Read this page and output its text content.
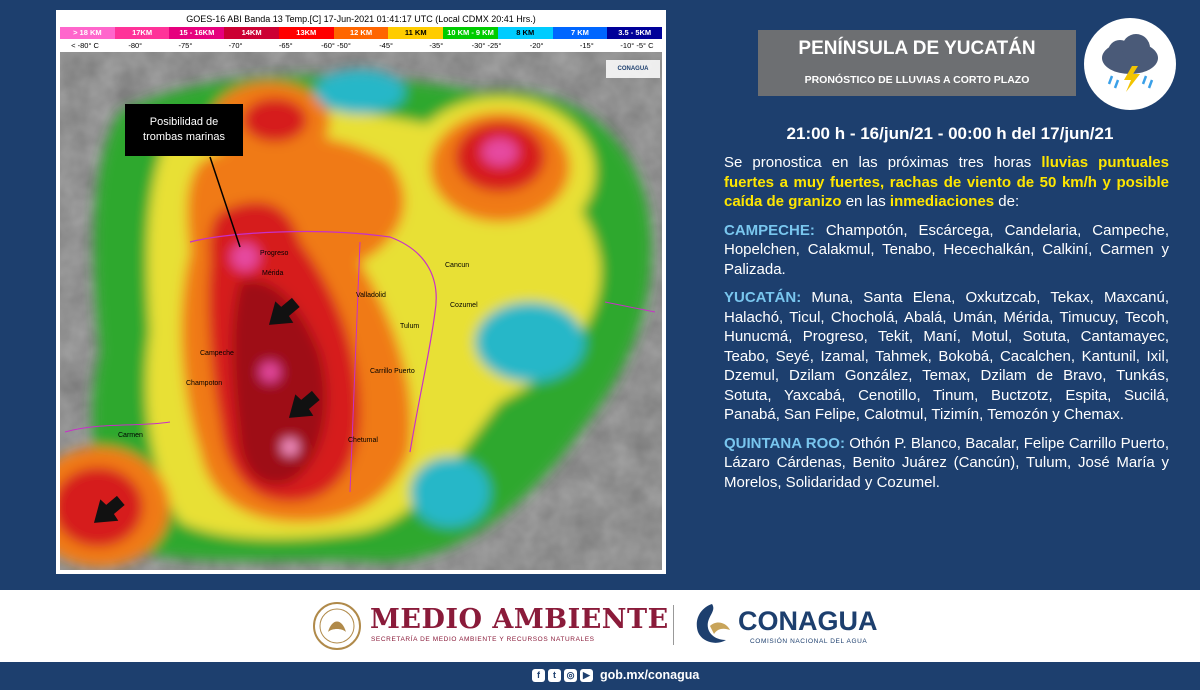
GOES-16 ABI Banda 13 Temp.[C] 17-Jun-2021 01:41:17 UTC (Local CDMX 20:41 Hrs.)
> 18 KM	17KM	15 - 16KM	14KM	13KM	12 KM	11 KM	10 KM - 9 KM	8 KM	7 KM	3.5 - 5KM
< -80° C	-80°	-75°	-70°	-65°	-60° -50°	-45°	-35°	-30° -25°	-20°	-15°	-10° -5° C
CONAGUA
Posibilidad de
trombas marinas
Progreso
Mérida
Valladolid
Cancun
Cozumel
Tulum
Campeche
Champoton
Carrillo Puerto
Carmen
Chetumal
PENÍNSULA DE YUCATÁN
PRONÓSTICO DE LLUVIAS A CORTO PLAZO
21:00 h - 16/jun/21 - 00:00 h del 17/jun/21

Se pronostica en las próximas tres horas lluvias puntuales fuertes a muy fuertes, rachas de viento de 50 km/h y posible caída de granizo en las inmediaciones de:

CAMPECHE: Champotón, Escárcega, Candelaria, Campeche, Hopelchen, Calakmul, Tenabo, Hecechalkán, Calkiní, Carmen y Palizada.

YUCATÁN: Muna, Santa Elena, Oxkutzcab, Tekax, Maxcanú, Halachó, Ticul, Chocholá, Abalá, Umán, Mérida, Timucuy, Tecoh, Hunucmá, Progreso, Tekit, Maní, Motul, Sotuta, Cantamayec, Teabo, Seyé, Izamal, Tahmek, Bokobá, Cacalchen, Kantunil, Ixil, Dzemul, Dzilam González, Temax, Dzilam de Bravo, Tunkás, Sotuta, Yaxcabá, Cenotillo, Tinum, Buctzotz, Espita, Sucilá, Panabá, San Felipe, Calotmul, Tizimín, Temozón y Chemax.

QUINTANA ROO: Othón P. Blanco, Bacalar, Felipe Carrillo Puerto, Lázaro Cárdenas, Benito Juárez (Cancún), Tulum, José María y Morelos, Solidaridad y Cozumel.

MEDIO AMBIENTE
SECRETARÍA DE MEDIO AMBIENTE Y RECURSOS NATURALES
CONAGUA
COMISIÓN NACIONAL DEL AGUA
f	t	◎ ▶ gob.mx/conagua
